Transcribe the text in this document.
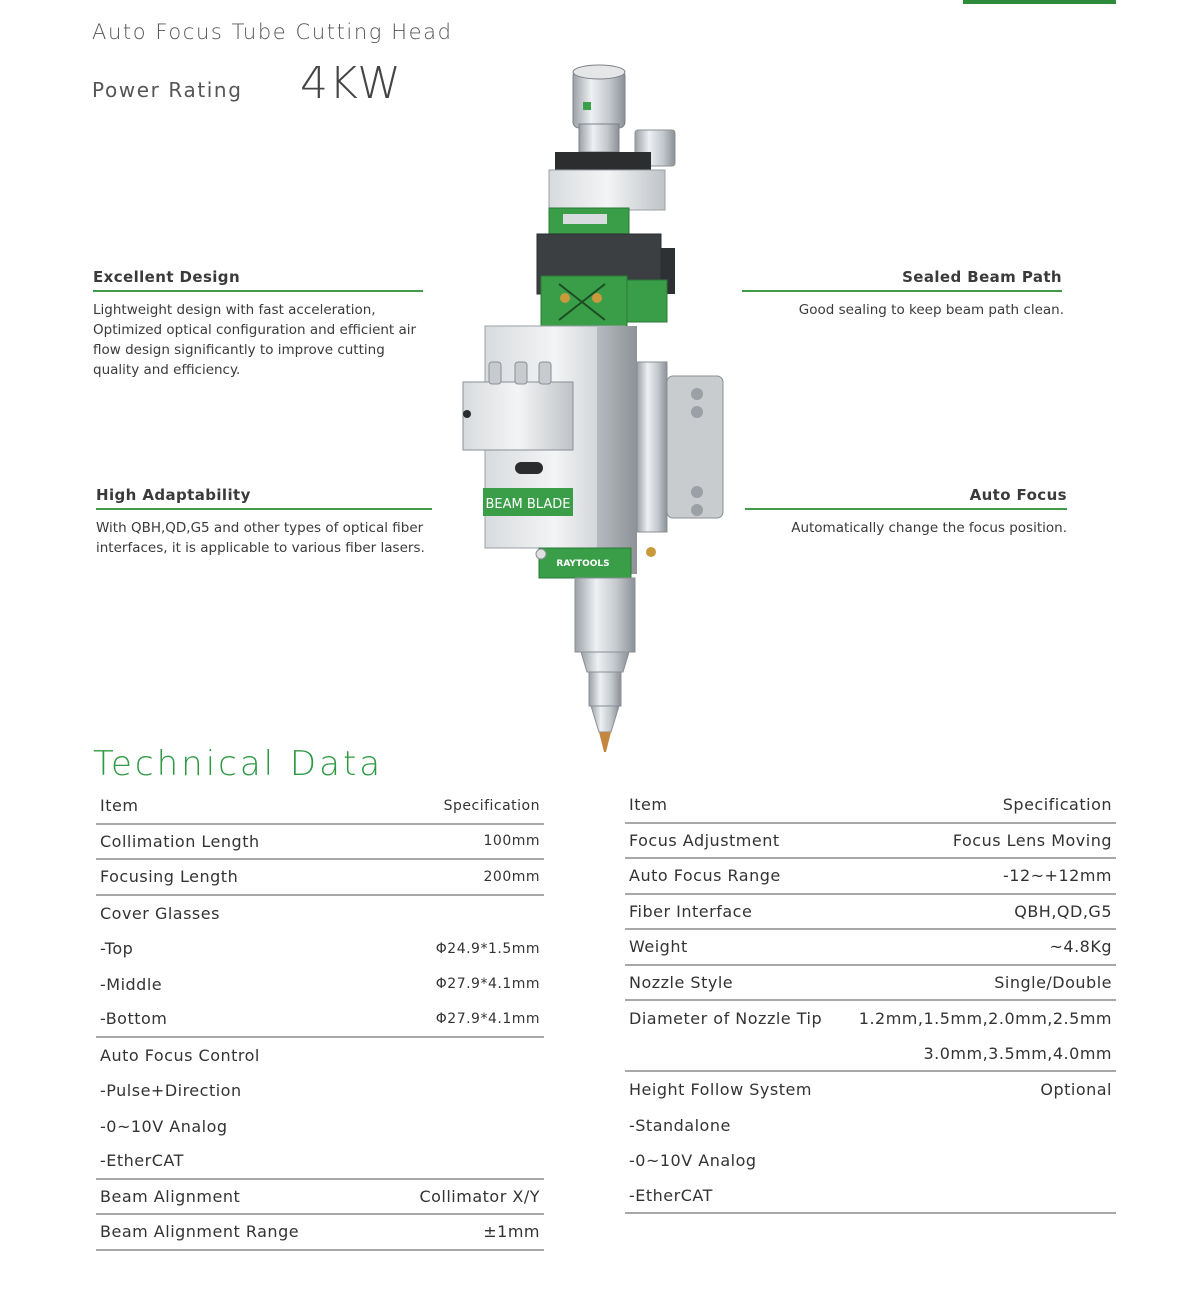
Auto Focus Tube Cutting Head
Power Rating 4KW
Excellent Design

Lightweight design with fast acceleration, Optimized optical configuration and efficient air flow design significantly to improve cutting quality and efficiency.

Sealed Beam Path

Good sealing to keep beam path clean.

High Adaptability

With QBH,QD,G5 and other types of optical fiber interfaces, it is applicable to various fiber lasers.

Auto Focus

Automatically change the focus position.

BEAM BLADE
RAYTOOLS
Technical Data
Item	Specification
Collimation Length	100mm
Focusing Length	200mm
Cover Glasses
-Top	Φ24.9*1.5mm
-Middle	Φ27.9*4.1mm
-Bottom	Φ27.9*4.1mm
Auto Focus Control
-Pulse+Direction
-0~10V Analog
-EtherCAT
Beam Alignment	Collimator X/Y
Beam Alignment Range	±1mm
Item	Specification
Focus Adjustment	Focus Lens Moving
Auto Focus Range	-12~+12mm
Fiber Interface	QBH,QD,G5
Weight	~4.8Kg
Nozzle Style	Single/Double
Diameter of Nozzle Tip 1.2mm,1.5mm,2.0mm,2.5mm
3.0mm,3.5mm,4.0mm
Height Follow System	Optional
-Standalone
-0~10V Analog
-EtherCAT
